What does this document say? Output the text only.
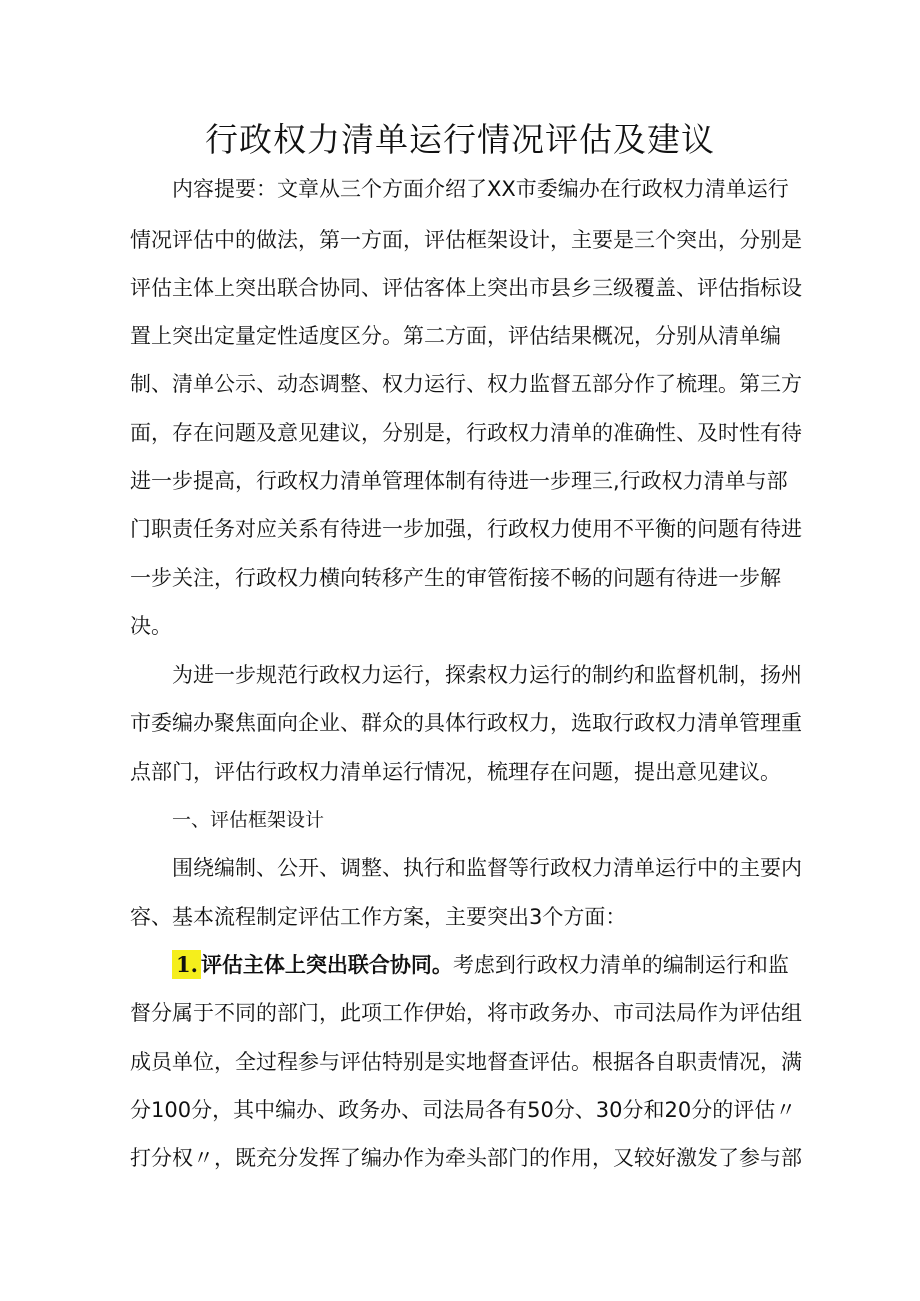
行政权力清单运行情况评估及建议
内容提要：文章从三个方面介绍了XX市委编办在行政权力清单运行
情况评估中的做法，第一方面，评估框架设计，主要是三个突出，分别是
评估主体上突出联合协同、评估客体上突出市县乡三级覆盖、评估指标设
置上突出定量定性适度区分。第二方面，评估结果概况，分别从清单编
制、清单公示、动态调整、权力运行、权力监督五部分作了梳理。第三方
面，存在问题及意见建议，分别是，行政权力清单的准确性、及时性有待
进一步提高，行政权力清单管理体制有待进一步理三,行政权力清单与部
门职责任务对应关系有待进一步加强，行政权力使用不平衡的问题有待进
一步关注，行政权力横向转移产生的审管衔接不畅的问题有待进一步解
决。
为进一步规范行政权力运行，探索权力运行的制约和监督机制，扬州
市委编办聚焦面向企业、群众的具体行政权力，选取行政权力清单管理重
点部门，评估行政权力清单运行情况，梳理存在问题，提出意见建议。
一、评估框架设计
围绕编制、公开、调整、执行和监督等行政权力清单运行中的主要内
容、基本流程制定评估工作方案，主要突出3个方面：
1. 评估主体上突出联合协同。考虑到行政权力清单的编制运行和监
督分属于不同的部门，此项工作伊始，将市政务办、市司法局作为评估组
成员单位，全过程参与评估特别是实地督查评估。根据各自职责情况，满
分100分，其中编办、政务办、司法局各有50分、30分和20分的评估〃
打分权〃，既充分发挥了编办作为牵头部门的作用，又较好激发了参与部
